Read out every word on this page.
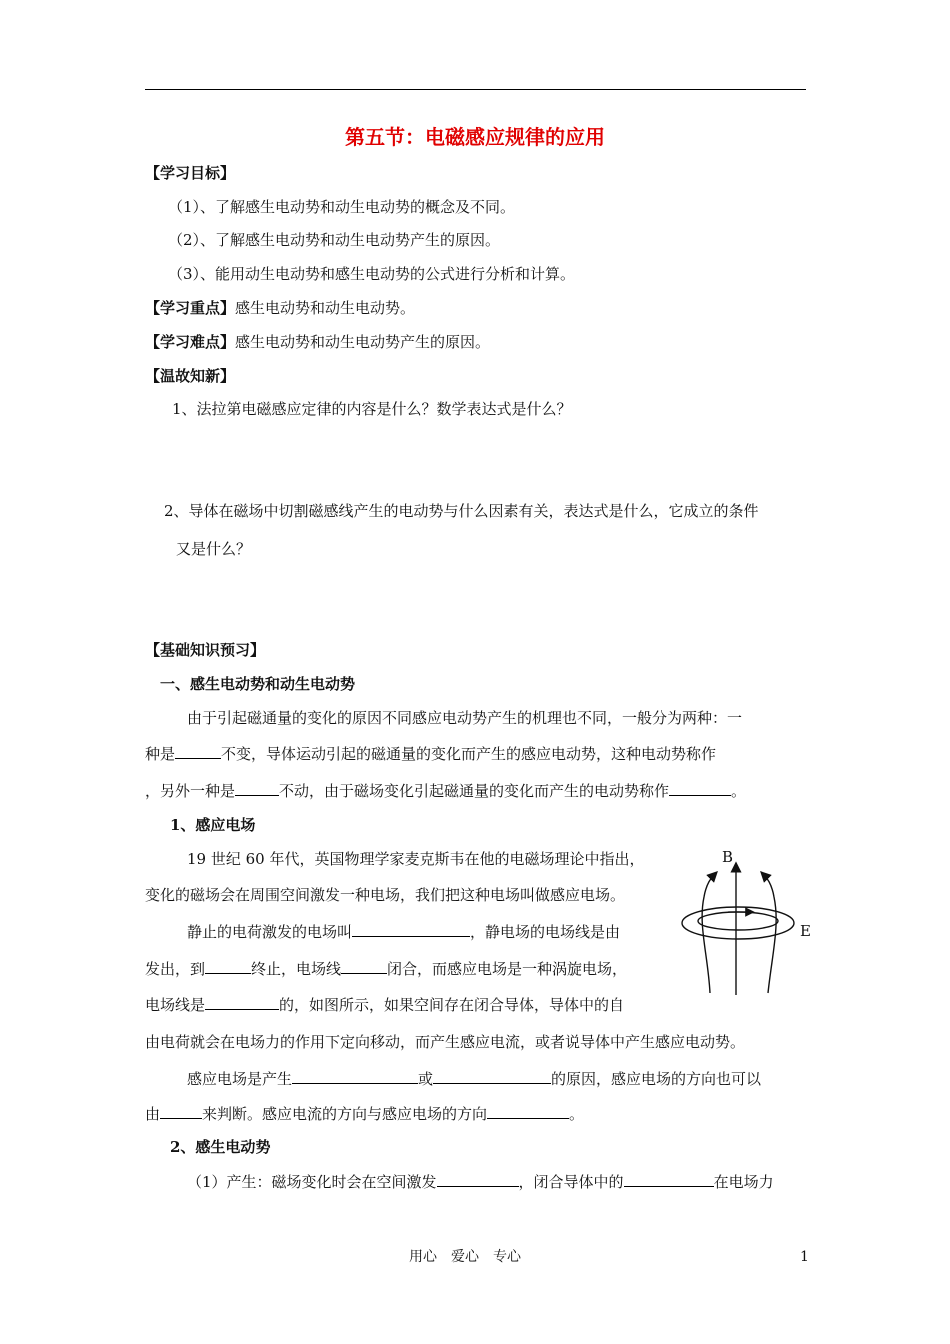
第五节：电磁感应规律的应用
【学习目标】
（1）、了解感生电动势和动生电动势的概念及不同。
（2）、了解感生电动势和动生电动势产生的原因。
（3）、能用动生电动势和感生电动势的公式进行分析和计算。
【学习重点】感生电动势和动生电动势。
【学习难点】感生电动势和动生电动势产生的原因。
【温故知新】
1、法拉第电磁感应定律的内容是什么？数学表达式是什么？
2、导体在磁场中切割磁感线产生的电动势与什么因素有关，表达式是什么，它成立的条件
又是什么？
【基础知识预习】
一、感生电动势和动生电动势
由于引起磁通量的变化的原因不同感应电动势产生的机理也不同，一般分为两种：一
种是	不变，导体运动引起的磁通量的变化而产生的感应电动势，这种电动势称作
，另外一种是	不动，由于磁场变化引起磁通量的变化而产生的电动势称作	。
1、感应电场
19 世纪 60 年代，英国物理学家麦克斯韦在他的电磁场理论中指出，
变化的磁场会在周围空间激发一种电场，我们把这种电场叫做感应电场。
静止的电荷激发的电场叫	，静电场的电场线是由
发出，到	终止，电场线	闭合，而感应电场是一种涡旋电场，
电场线是	的，如图所示，如果空间存在闭合导体，导体中的自
由电荷就会在电场力的作用下定向移动，而产生感应电流，或者说导体中产生感应电动势。
感应电场是产生	或	的原因，感应电场的方向也可以
由	来判断。感应电流的方向与感应电场的方向	。
2、感生电动势
（1）产生：磁场变化时会在空间激发	，闭合导体中的	在电场力
B
E
用心　爱心　专心	1
